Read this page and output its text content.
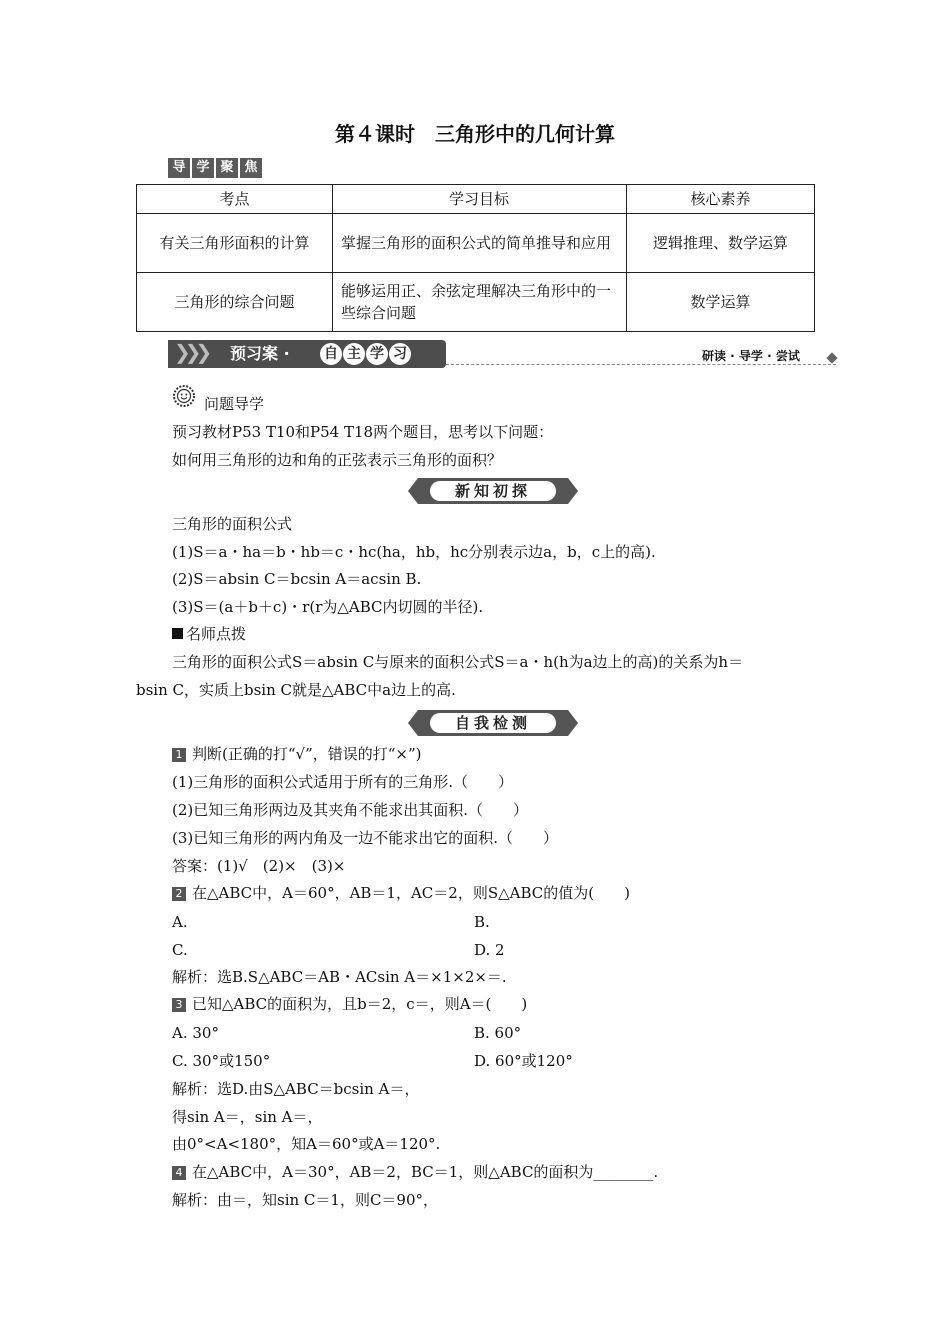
第４课时　三角形中的几何计算
导 学 聚 焦
考点	学习目标	核心素养
有关三角形面积的计算	掌握三角形的面积公式的简单推导和应用	逻辑推理、数学运算
三角形的综合问题	能够运用正、余弦定理解决三角形中的一些综合问题	数学运算
❯❯❯ 预习案 · 自 主 学 习	研读 · 导学 · 尝试
问题导学
预习教材P53 T10和P54 T18两个题目，思考以下问题：
如何用三角形的边和角的正弦表示三角形的面积？
新知初探
三角形的面积公式
(1)S＝a・ha＝b・hb＝c・hc(ha，hb，hc分别表示边a，b，c上的高).
(2)S＝absin C＝bcsin A＝acsin B.
(3)S＝(a＋b＋c)・r(r为△ABC内切圆的半径).
名师点拨
三角形的面积公式S＝absin C与原来的面积公式S＝a・h(h为a边上的高)的关系为h＝
bsin C，实质上bsin C就是△ABC中a边上的高.
自我检测
1 判断(正确的打“√”，错误的打“×”)
(1)三角形的面积公式适用于所有的三角形.（　　）
(2)已知三角形两边及其夹角不能求出其面积.（　　）
(3)已知三角形的两内角及一边不能求出它的面积.（　　）
答案：(1)√　(2)×　(3)×
2 在△ABC中，A＝60°，AB＝1，AC＝2，则S△ABC的值为(　　)
A.	B.
C.	D. 2
解析：选B.S△ABC＝AB・ACsin A＝×1×2×＝.
3 已知△ABC的面积为，且b＝2，c＝，则A＝(　　)
A. 30°	B. 60°
C. 30°或150°	D. 60°或120°
解析：选D.由S△ABC＝bcsin A＝，
得sin A＝，sin A＝，
由0°<A<180°，知A＝60°或A＝120°.
4 在△ABC中，A＝30°，AB＝2，BC＝1，则△ABC的面积为________.
解析：由＝，知sin C＝1，则C＝90°，
